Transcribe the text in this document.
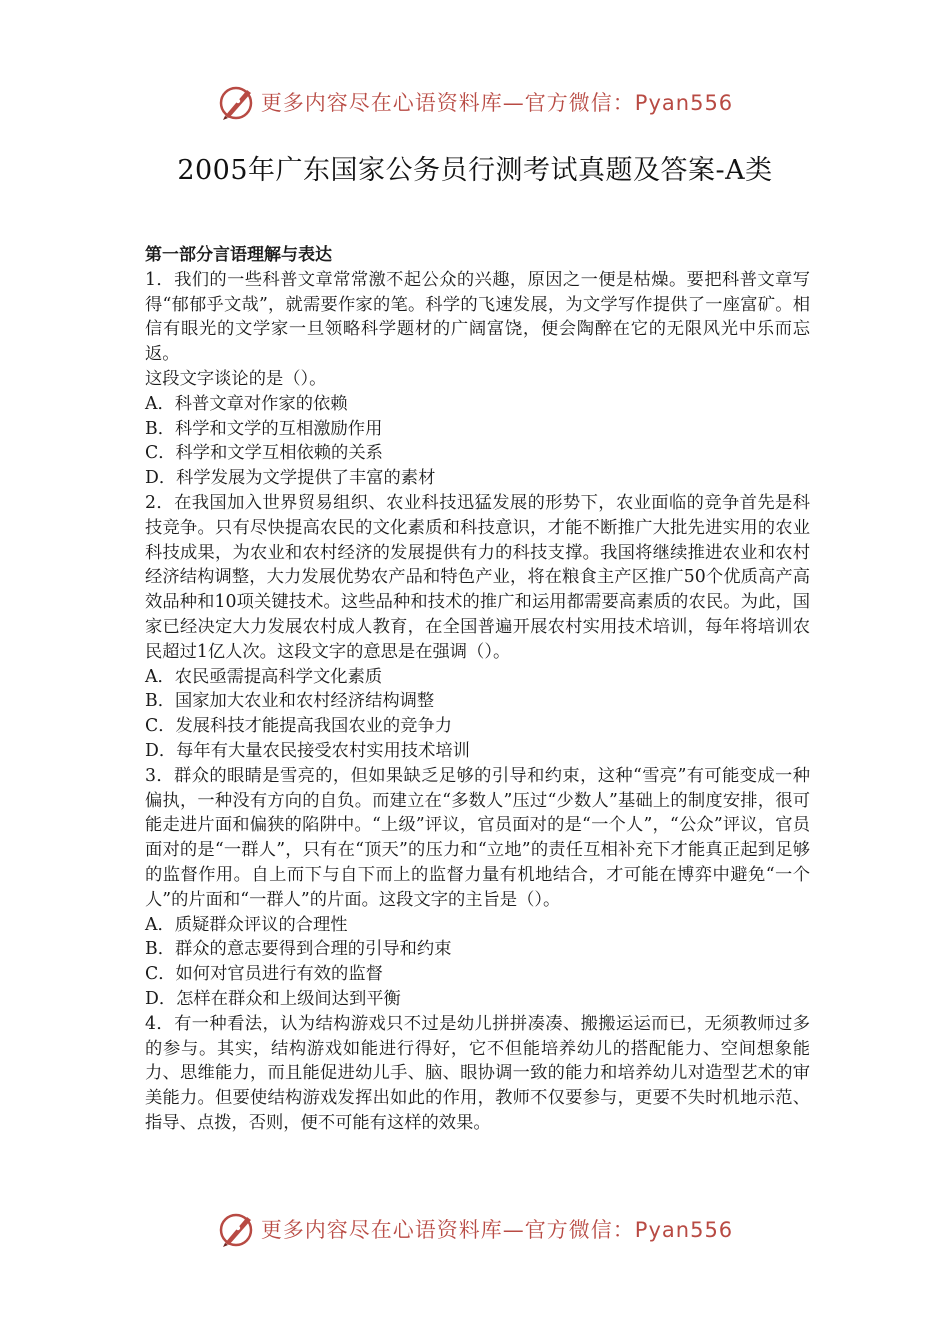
更多内容尽在心语资料库—官方微信：Pyan556
2005年广东国家公务员行测考试真题及答案-A类
第一部分言语理解与表达
1．我们的一些科普文章常常激不起公众的兴趣，原因之一便是枯燥。要把科普文章写得“郁郁乎文哉”，就需要作家的笔。科学的飞速发展，为文学写作提供了一座富矿。相信有眼光的文学家一旦领略科学题材的广阔富饶，便会陶醉在它的无限风光中乐而忘返。
这段文字谈论的是（）。
A．科普文章对作家的依赖
B．科学和文学的互相激励作用
C．科学和文学互相依赖的关系
D．科学发展为文学提供了丰富的素材
2．在我国加入世界贸易组织、农业科技迅猛发展的形势下，农业面临的竞争首先是科技竞争。只有尽快提高农民的文化素质和科技意识，才能不断推广大批先进实用的农业科技成果，为农业和农村经济的发展提供有力的科技支撑。我国将继续推进农业和农村经济结构调整，大力发展优势农产品和特色产业，将在粮食主产区推广50个优质高产高效品种和10项关键技术。这些品种和技术的推广和运用都需要高素质的农民。为此，国家已经决定大力发展农村成人教育，在全国普遍开展农村实用技术培训，每年将培训农民超过1亿人次。这段文字的意思是在强调（）。
A．农民亟需提高科学文化素质
B．国家加大农业和农村经济结构调整
C．发展科技才能提高我国农业的竞争力
D．每年有大量农民接受农村实用技术培训
3．群众的眼睛是雪亮的，但如果缺乏足够的引导和约束，这种“雪亮”有可能变成一种偏执，一种没有方向的自负。而建立在“多数人”压过“少数人”基础上的制度安排，很可能走进片面和偏狭的陷阱中。“上级”评议，官员面对的是“一个人”，“公众”评议，官员面对的是“一群人”，只有在“顶天”的压力和“立地”的责任互相补充下才能真正起到足够的监督作用。自上而下与自下而上的监督力量有机地结合，才可能在博弈中避免“一个人”的片面和“一群人”的片面。这段文字的主旨是（）。
A．质疑群众评议的合理性
B．群众的意志要得到合理的引导和约束
C．如何对官员进行有效的监督
D．怎样在群众和上级间达到平衡
4．有一种看法，认为结构游戏只不过是幼儿拼拼凑凑、搬搬运运而已，无须教师过多的参与。其实，结构游戏如能进行得好，它不但能培养幼儿的搭配能力、空间想象能力、思维能力，而且能促进幼儿手、脑、眼协调一致的能力和培养幼儿对造型艺术的审美能力。但要使结构游戏发挥出如此的作用，教师不仅要参与，更要不失时机地示范、指导、点拨，否则，便不可能有这样的效果。
更多内容尽在心语资料库—官方微信：Pyan556
